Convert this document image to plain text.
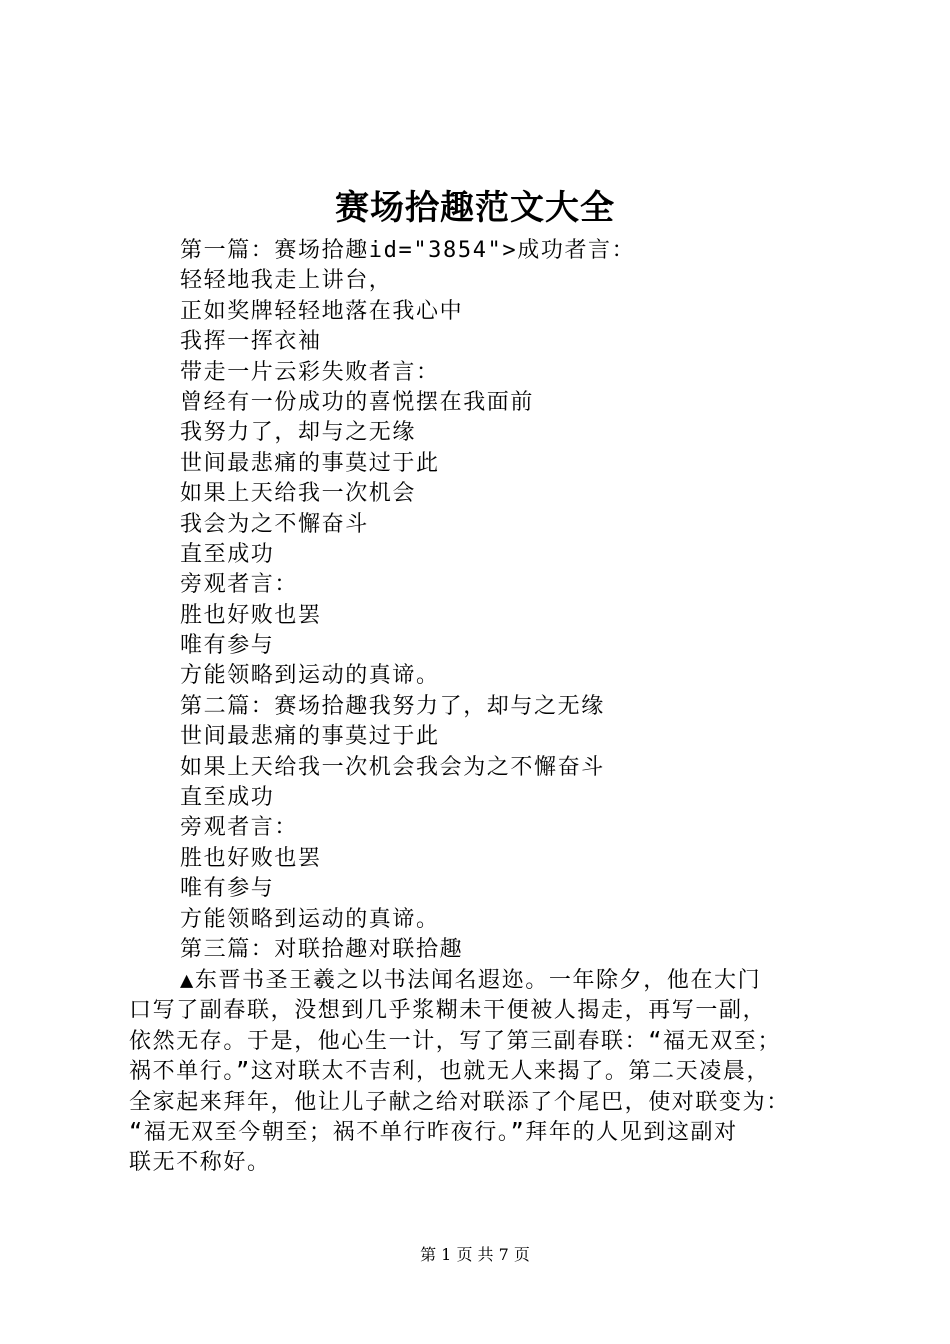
赛场拾趣范文大全
第一篇：赛场拾趣id="3854">成功者言：
轻轻地我走上讲台，
正如奖牌轻轻地落在我心中
我挥一挥衣袖
带走一片云彩失败者言：
曾经有一份成功的喜悦摆在我面前
我努力了，却与之无缘
世间最悲痛的事莫过于此
如果上天给我一次机会
我会为之不懈奋斗
直至成功
旁观者言：
胜也好败也罢
唯有参与
方能领略到运动的真谛。
第二篇：赛场拾趣我努力了，却与之无缘
世间最悲痛的事莫过于此
如果上天给我一次机会我会为之不懈奋斗
直至成功
旁观者言：
胜也好败也罢
唯有参与
方能领略到运动的真谛。
第三篇：对联拾趣对联拾趣
▲东晋书圣王羲之以书法闻名遐迩。一年除夕，他在大门
口写了副春联，没想到几乎浆糊未干便被人揭走，再写一副，
依然无存。于是，他心生一计，写了第三副春联：“福无双至；
祸不单行。”这对联太不吉利，也就无人来揭了。第二天凌晨，
全家起来拜年，他让儿子献之给对联添了个尾巴，使对联变为：
“福无双至今朝至；祸不单行昨夜行。”拜年的人见到这副对
联无不称好。
第 1 页 共 7 页
